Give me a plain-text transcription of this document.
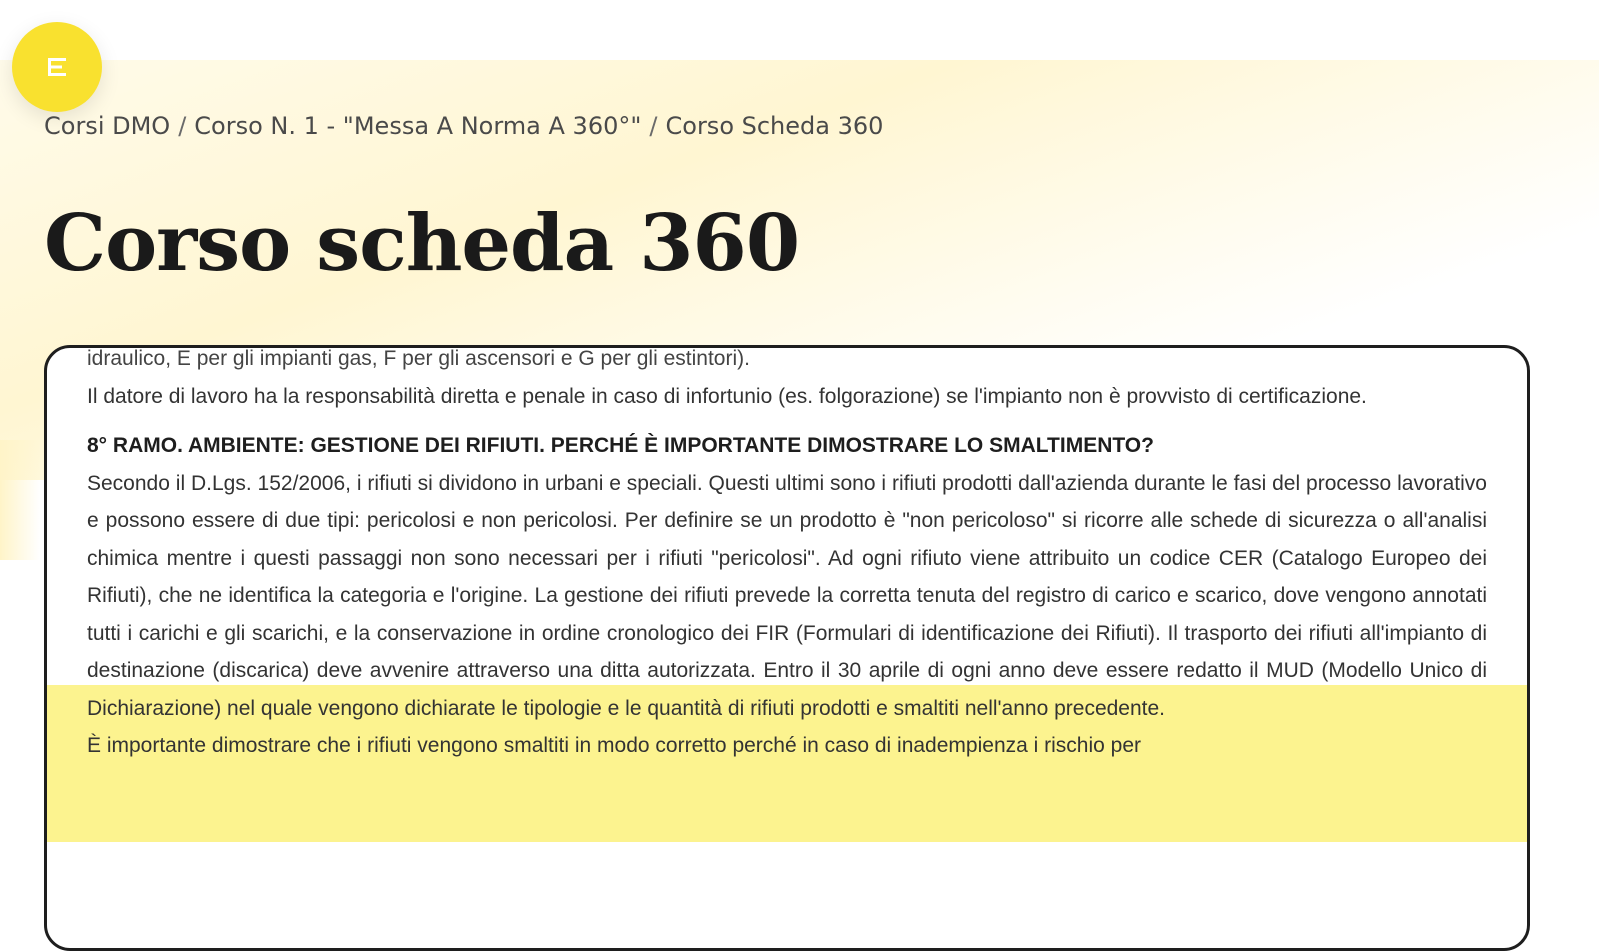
Corsi DMO / Corso N. 1 - "Messa A Norma A 360°" / Corso Scheda 360
Corso scheda 360

idraulico, E per gli impianti gas, F per gli ascensori e G per gli estintori).

Il datore di lavoro ha la responsabilità diretta e penale in caso di infortunio (es. folgorazione) se l'impianto non è provvisto di certificazione.

8° RAMO. AMBIENTE: GESTIONE DEI RIFIUTI. PERCHÉ È IMPORTANTE DIMOSTRARE LO SMALTIMENTO?

Secondo il D.Lgs. 152/2006, i rifiuti si dividono in urbani e speciali. Questi ultimi sono i rifiuti prodotti dall'azienda durante le fasi del processo lavorativo e possono essere di due tipi: pericolosi e non pericolosi. Per definire se un prodotto è "non pericoloso" si ricorre alle schede di sicurezza o all'analisi chimica mentre i questi passaggi non sono necessari per i rifiuti "pericolosi". Ad ogni rifiuto viene attribuito un codice CER (Catalogo Europeo dei Rifiuti), che ne identifica la categoria e l'origine. La gestione dei rifiuti prevede la corretta tenuta del registro di carico e scarico, dove vengono annotati tutti i carichi e gli scarichi, e la conservazione in ordine cronologico dei FIR (Formulari di identificazione dei Rifiuti). Il trasporto dei rifiuti all'impianto di destinazione (discarica) deve avvenire attraverso una ditta autorizzata. Entro il 30 aprile di ogni anno deve essere redatto il MUD (Modello Unico di Dichiarazione) nel quale vengono dichiarate le tipologie e le quantità di rifiuti prodotti e smaltiti nell'anno precedente.

È importante dimostrare che i rifiuti vengono smaltiti in modo corretto perché in caso di inadempienza i rischio per
